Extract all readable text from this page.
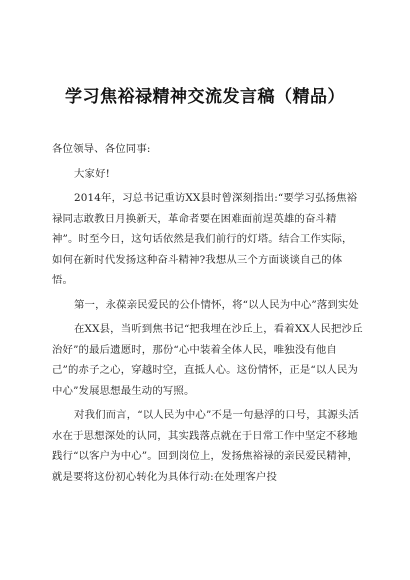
学习焦裕禄精神交流发言稿（精品）

各位领导、各位同事:

大家好!

2014年，习总书记重访XX县时曾深刻指出:“要学习弘扬焦裕禄同志敢教日月换新天，革命者要在困难面前逞英雄的奋斗精神”。时至今日，这句话依然是我们前行的灯塔。结合工作实际，如何在新时代发扬这种奋斗精神?我想从三个方面谈谈自己的体悟。

第一，永葆亲民爱民的公仆情怀，将“以人民为中心”落到实处

在XX县，当听到焦书记“把我埋在沙丘上，看着XX人民把沙丘治好”的最后遗愿时，那份“心中装着全体人民，唯独没有他自己”的赤子之心，穿越时空，直抵人心。这份情怀，正是“以人民为中心”发展思想最生动的写照。

对我们而言，“以人民为中心”不是一句悬浮的口号，其源头活水在于思想深处的认同，其实践落点就在于日常工作中坚定不移地践行“以客户为中心”。回到岗位上，发扬焦裕禄的亲民爱民精神，就是要将这份初心转化为具体行动:在处理客户投
